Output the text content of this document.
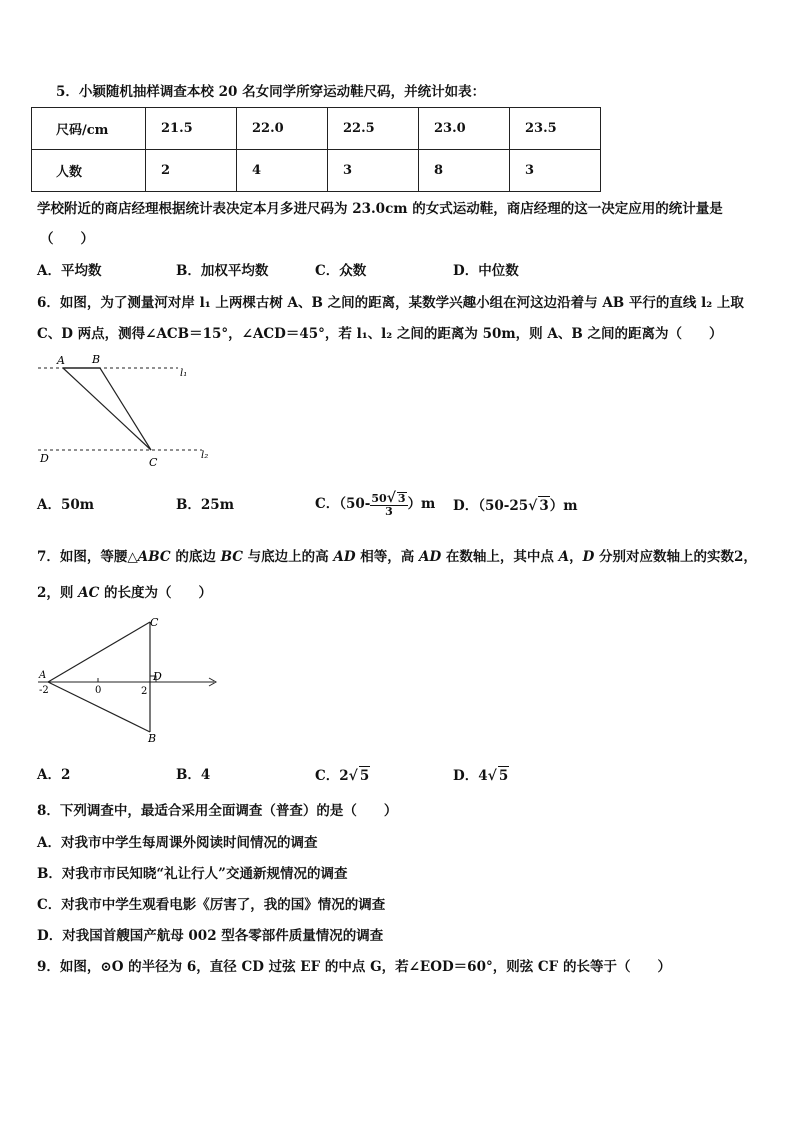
5．小颖随机抽样调查本校 20 名女同学所穿运动鞋尺码，并统计如表：
尺码/cm	21.5	22.0	22.5	23.0	23.5
人数	2	4	3	8	3
学校附近的商店经理根据统计表决定本月多进尺码为 23.0cm 的女式运动鞋，商店经理的这一决定应用的统计量是
（　　）
A．平均数	B．加权平均数	C．众数	D．中位数
6．如图，为了测量河对岸 l₁ 上两棵古树 A、B 之间的距离，某数学兴趣小组在河这边沿着与 AB 平行的直线 l₂ 上取
C、D 两点，测得∠ACB＝15°，∠ACD＝45°，若 l₁、l₂ 之间的距离为 50m，则 A、B 之间的距离为（　　）
A B
l₁
D	C
l₂
A．50m	B．25m	C．$(50- \frac{50√ 3}{3} )m$ D．（50-25√ 3）m
7．如图，等腰△ABC 的底边 BC 与底边上的高 AD 相等，高 AD 在数轴上，其中点 A，D 分别对应数轴上的实数2，
2，则 AC 的长度为（　　）
C
A	D
B
-2	0	2
A．2	B．4	C．2√ 5	D．4√ 5
8．下列调查中，最适合采用全面调查（普查）的是（　　）
A．对我市中学生每周课外阅读时间情况的调查
B．对我市市民知晓“礼让行人”交通新规情况的调查
C．对我市中学生观看电影《厉害了，我的国》情况的调查
D．对我国首艘国产航母 002 型各零部件质量情况的调查
9．如图，⊙O 的半径为 6，直径 CD 过弦 EF 的中点 G，若∠EOD＝60°，则弦 CF 的长等于（　　）
